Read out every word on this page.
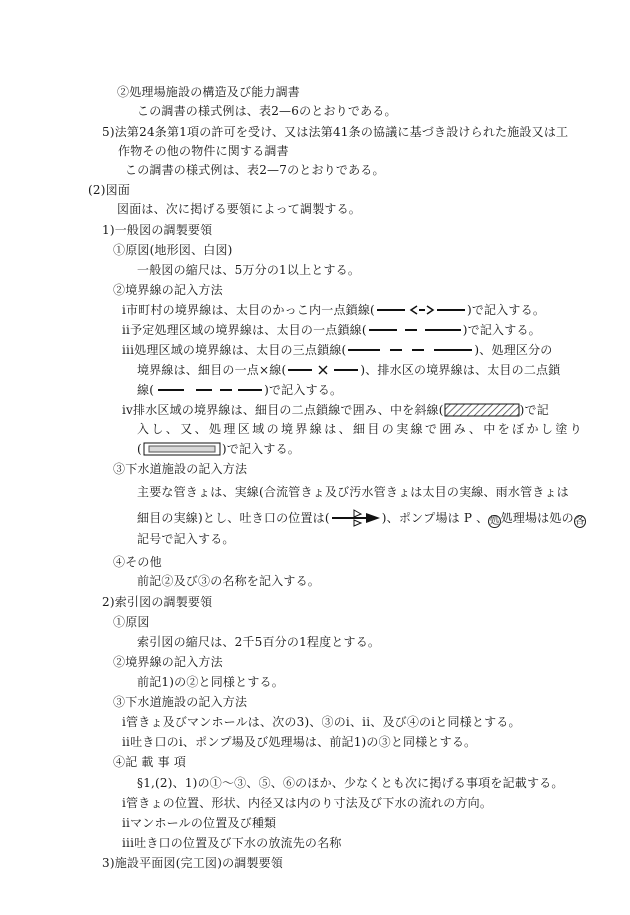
②処理場施設の構造及び能力調書
この調書の様式例は、表2—6のとおりである。
5)法第24条第1項の許可を受け、又は法第41条の協議に基づき設けられた施設又は工
作物その他の物件に関する調書
この調書の様式例は、表2—7のとおりである。
(2)図面
図面は、次に掲げる要領によって調製する。
1)一般図の調製要領
①原図(地形図、白図)
一般図の縮尺は、5万分の1以上とする。
②境界線の記入方法
i市町村の境界線は、太目のかっこ内一点鎖線(	)で記入する。
ii予定処理区域の境界線は、太目の一点鎖線(	)で記入する。
iii処理区域の境界線は、太目の三点鎖線(	)、処理区分の
境界線は、細目の一点×線(	)、排水区の境界線は、太目の二点鎖
線(	)で記入する。
iv排水区域の境界線は、細目の二点鎖線で囲み、中を斜線(	)で記
入し、又、処理区域の境界線は、細目の実線で囲み、中をぼかし塗り
(	)で記入する。
③下水道施設の記入方法
主要な管きょは、実線(合流管きょ及び汚水管きょは太目の実線、雨水管きょは
細目の実線)とし、吐き口の位置は(	)、ポンプ場は P 、処処理場は処の各
記号で記入する。
④その他
前記②及び③の名称を記入する。
2)索引図の調製要領
①原図
索引図の縮尺は、2千5百分の1程度とする。
②境界線の記入方法
前記1)の②と同様とする。
③下水道施設の記入方法
i管きょ及びマンホールは、次の3)、③のi、ii、及び④のiと同様とする。
ii吐き口のi、ポンプ場及び処理場は、前記1)の③と同様とする。
④記 載 事 項
§1,(2)、1)の①～③、⑤、⑥のほか、少なくとも次に掲げる事項を記載する。
i管きょの位置、形状、内径又は内のり寸法及び下水の流れの方向。
iiマンホールの位置及び種類
iii吐き口の位置及び下水の放流先の名称
3)施設平面図(完工図)の調製要領
